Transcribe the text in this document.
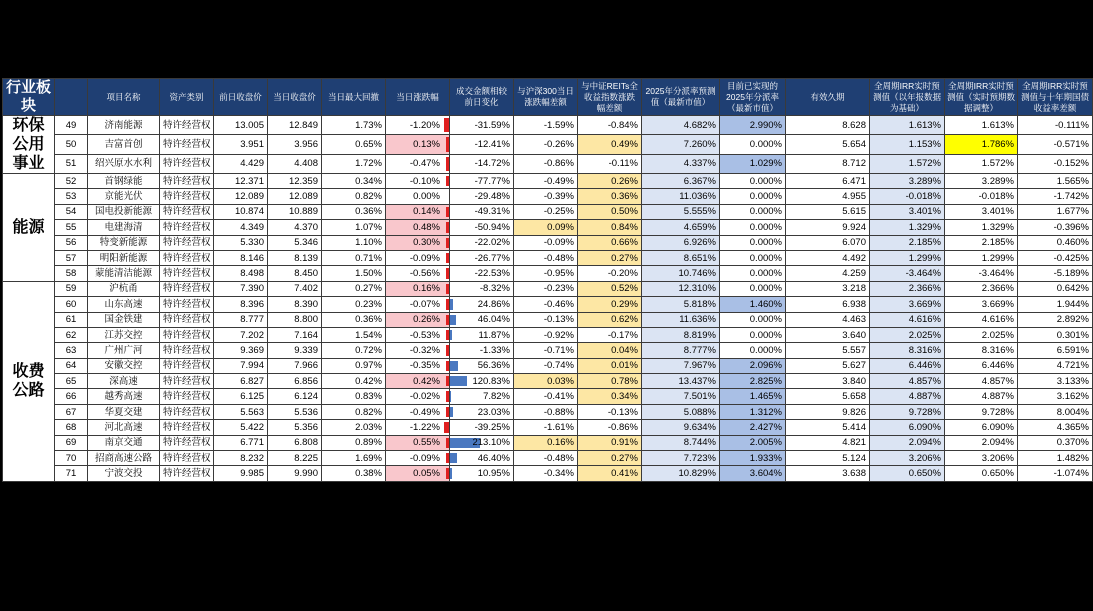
行业板块		项目名称	资产类别	前日收盘价	当日收盘价	当日最大回撤	当日涨跌幅	成交金额相较前日变化	与沪深300当日涨跌幅差额	与中证REITs全收益指数涨跌幅差额	2025年分派率预测值（最新市值）	目前已实现的2025年分派率（最新市值）	有效久期	全周期IRR实时预测值（以年报数据为基础）	全周期IRR实时预测值（实时预期数据调整）	全周期IRR实时预测值与十年期国债收益率差额
环保公用事业	49	济南能源	特许经营权	13.005	12.849	1.73%	-1.20%	-31.59%	-1.59%	-0.84%	4.682%	2.990%	8.628	1.613%	1.613%	-0.111%
	50	吉富首创	特许经营权	3.951	3.956	0.65%	0.13%	-12.41%	-0.26%	0.49%	7.260%	0.000%	5.654	1.153%	1.786%	-0.571%
	51	绍兴原水水利	特许经营权	4.429	4.408	1.72%	-0.47%	-14.72%	-0.86%	-0.11%	4.337%	1.029%	8.712	1.572%	1.572%	-0.152%
能源	52	首钢绿能	特许经营权	12.371	12.359	0.34%	-0.10%	-77.77%	-0.49%	0.26%	6.367%	0.000%	6.471	3.289%	3.289%	1.565%
	53	京能光伏	特许经营权	12.089	12.089	0.82%	0.00%	-29.48%	-0.39%	0.36%	11.036%	0.000%	4.955	-0.018%	-0.018%	-1.742%
	54	国电投新能源	特许经营权	10.874	10.889	0.36%	0.14%	-49.31%	-0.25%	0.50%	5.555%	0.000%	5.615	3.401%	3.401%	1.677%
	55	电建海清	特许经营权	4.349	4.370	1.07%	0.48%	-50.94%	0.09%	0.84%	4.659%	0.000%	9.924	1.329%	1.329%	-0.396%
	56	特变新能源	特许经营权	5.330	5.346	1.10%	0.30%	-22.02%	-0.09%	0.66%	6.926%	0.000%	6.070	2.185%	2.185%	0.460%
	57	明阳新能源	特许经营权	8.146	8.139	0.71%	-0.09%	-26.77%	-0.48%	0.27%	8.651%	0.000%	4.492	1.299%	1.299%	-0.425%
	58	蒙能清洁能源	特许经营权	8.498	8.450	1.50%	-0.56%	-22.53%	-0.95%	-0.20%	10.746%	0.000%	4.259	-3.464%	-3.464%	-5.189%
收费公路	59	沪杭甬	特许经营权	7.390	7.402	0.27%	0.16%	-8.32%	-0.23%	0.52%	12.310%	0.000%	3.218	2.366%	2.366%	0.642%
	60	山东高速	特许经营权	8.396	8.390	0.23%	-0.07%	24.86%	-0.46%	0.29%	5.818%	1.460%	6.938	3.669%	3.669%	1.944%
	61	国金铁建	特许经营权	8.777	8.800	0.36%	0.26%	46.04%	-0.13%	0.62%	11.636%	0.000%	4.463	4.616%	4.616%	2.892%
	62	江苏交控	特许经营权	7.202	7.164	1.54%	-0.53%	11.87%	-0.92%	-0.17%	8.819%	0.000%	3.640	2.025%	2.025%	0.301%
	63	广州广河	特许经营权	9.369	9.339	0.72%	-0.32%	-1.33%	-0.71%	0.04%	8.777%	0.000%	5.557	8.316%	8.316%	6.591%
	64	安徽交控	特许经营权	7.994	7.966	0.97%	-0.35%	56.36%	-0.74%	0.01%	7.967%	2.096%	5.627	6.446%	6.446%	4.721%
	65	深高速	特许经营权	6.827	6.856	0.42%	0.42%	120.83%	0.03%	0.78%	13.437%	2.825%	3.840	4.857%	4.857%	3.133%
	66	越秀高速	特许经营权	6.125	6.124	0.83%	-0.02%	7.82%	-0.41%	0.34%	7.501%	1.465%	5.658	4.887%	4.887%	3.162%
	67	华夏交建	特许经营权	5.563	5.536	0.82%	-0.49%	23.03%	-0.88%	-0.13%	5.088%	1.312%	9.826	9.728%	9.728%	8.004%
	68	河北高速	特许经营权	5.422	5.356	2.03%	-1.22%	-39.25%	-1.61%	-0.86%	9.634%	2.427%	5.414	6.090%	6.090%	4.365%
	69	南京交通	特许经营权	6.771	6.808	0.89%	0.55%	213.10%	0.16%	0.91%	8.744%	2.005%	4.821	2.094%	2.094%	0.370%
	70	招商高速公路	特许经营权	8.232	8.225	1.69%	-0.09%	46.40%	-0.48%	0.27%	7.723%	1.933%	5.124	3.206%	3.206%	1.482%
	71	宁波交投	特许经营权	9.985	9.990	0.38%	0.05%	10.95%	-0.34%	0.41%	10.829%	3.604%	3.638	0.650%	0.650%	-1.074%
